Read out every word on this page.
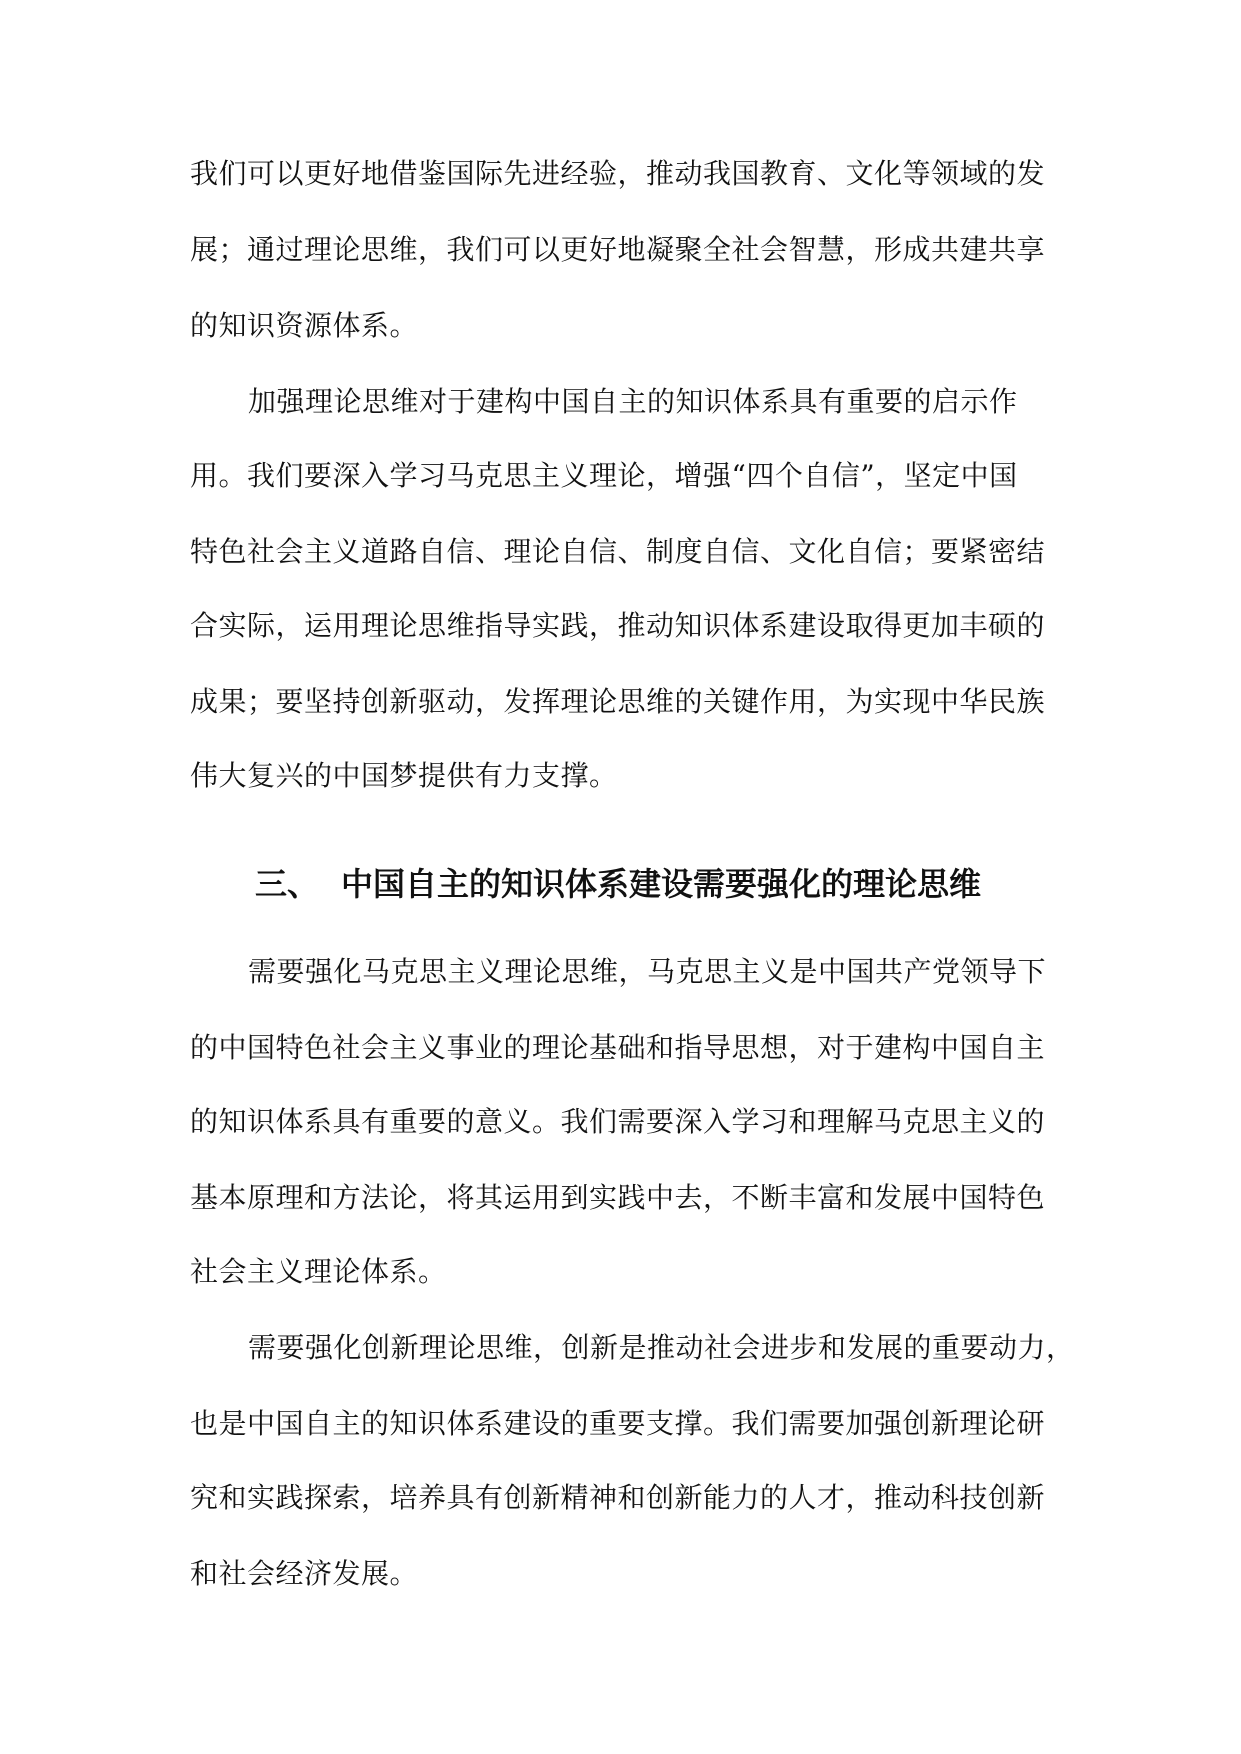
我们可以更好地借鉴国际先进经验，推动我国教育、文化等领域的发
展；通过理论思维，我们可以更好地凝聚全社会智慧，形成共建共享
的知识资源体系。
加强理论思维对于建构中国自主的知识体系具有重要的启示作
用。我们要深入学习马克思主义理论，增强“四个自信”，坚定中国
特色社会主义道路自信、理论自信、制度自信、文化自信；要紧密结
合实际，运用理论思维指导实践，推动知识体系建设取得更加丰硕的
成果；要坚持创新驱动，发挥理论思维的关键作用，为实现中华民族
伟大复兴的中国梦提供有力支撑。
三、 中国自主的知识体系建设需要强化的理论思维
需要强化马克思主义理论思维，马克思主义是中国共产党领导下
的中国特色社会主义事业的理论基础和指导思想，对于建构中国自主
的知识体系具有重要的意义。我们需要深入学习和理解马克思主义的
基本原理和方法论，将其运用到实践中去，不断丰富和发展中国特色
社会主义理论体系。
需要强化创新理论思维，创新是推动社会进步和发展的重要动力，
也是中国自主的知识体系建设的重要支撑。我们需要加强创新理论研
究和实践探索，培养具有创新精神和创新能力的人才，推动科技创新
和社会经济发展。
